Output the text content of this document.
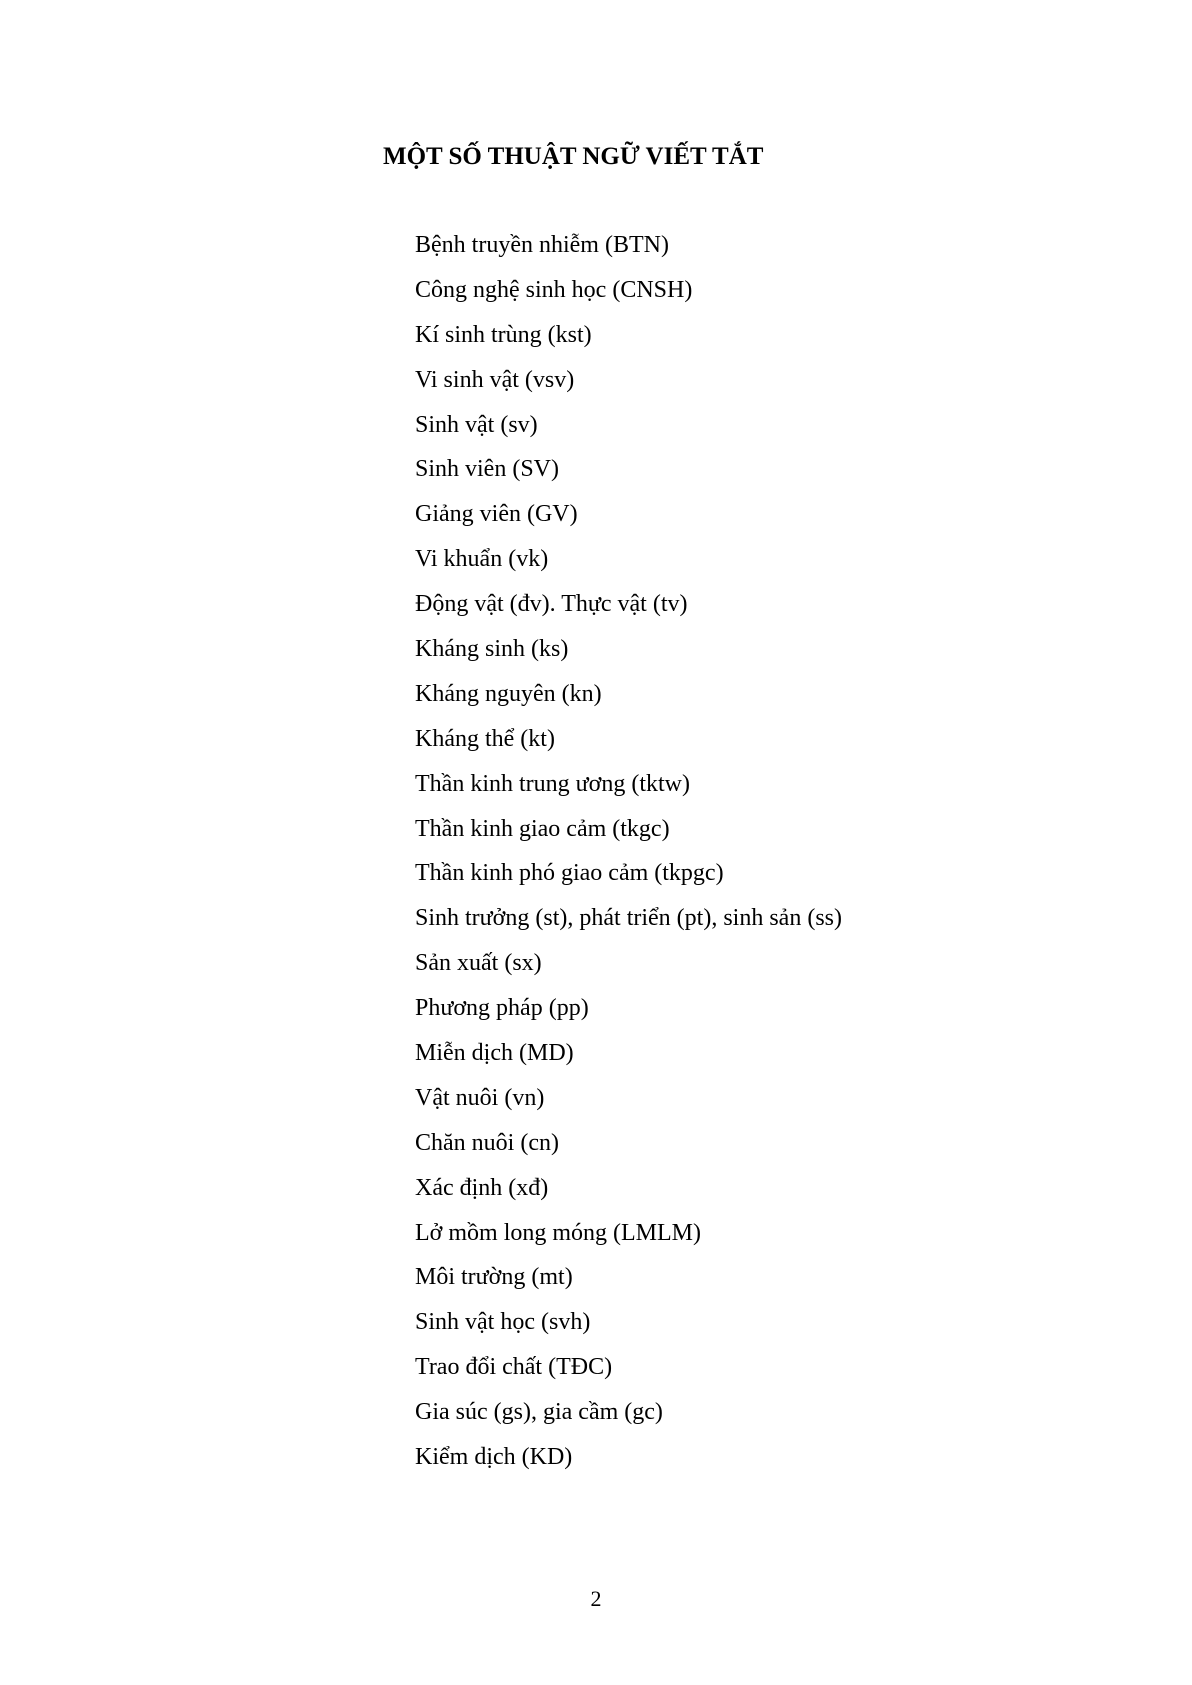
MỘT SỐ THUẬT NGỮ VIẾT TẮT
Bệnh truyền nhiễm (BTN)
Công nghệ sinh học (CNSH)
Kí sinh trùng (kst)
Vi sinh vật (vsv)
Sinh vật (sv)
Sinh viên (SV)
Giảng viên (GV)
Vi khuẩn (vk)
Động vật (đv). Thực vật (tv)
Kháng sinh (ks)
Kháng nguyên (kn)
Kháng thể (kt)
Thần kinh trung ương (tktw)
Thần kinh giao cảm (tkgc)
Thần kinh phó giao cảm (tkpgc)
Sinh trưởng (st), phát triển (pt), sinh sản (ss)
Sản xuất (sx)
Phương pháp (pp)
Miễn dịch (MD)
Vật nuôi (vn)
Chăn nuôi (cn)
Xác định (xđ)
Lở mồm long móng (LMLM)
Môi trường (mt)
Sinh vật học (svh)
Trao đổi chất (TĐC)
Gia súc (gs), gia cầm (gc)
Kiểm dịch (KD)
2
